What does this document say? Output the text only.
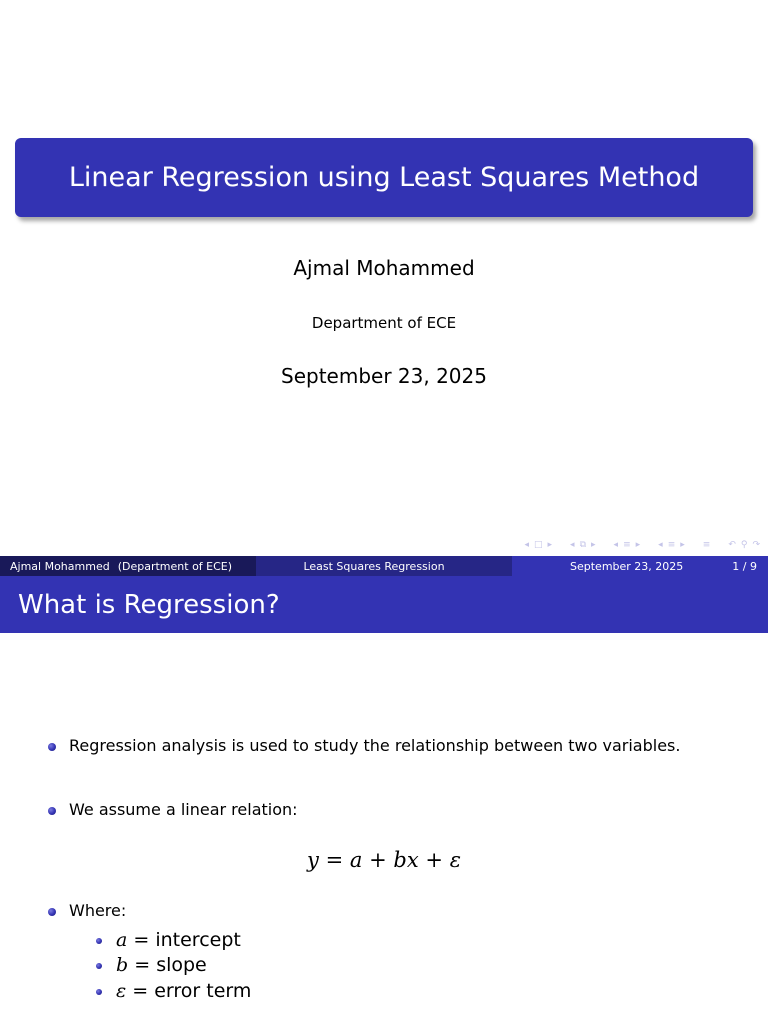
Linear Regression using Least Squares Method
Ajmal Mohammed
Department of ECE
September 23, 2025
◂ □ ▸ ◂ ⧉ ▸ ◂ ≡ ▸ ◂ ≡ ▸ ≡ ↶ ⚲ ↷
Ajmal Mohammed (Department of ECE)	Least Squares Regression	September 23, 2025	1 / 9
What is Regression?
Regression analysis is used to study the relationship between two variables.
We assume a linear relation:
y = a + bx + ε
Where:
a = intercept
b = slope
ε = error term
